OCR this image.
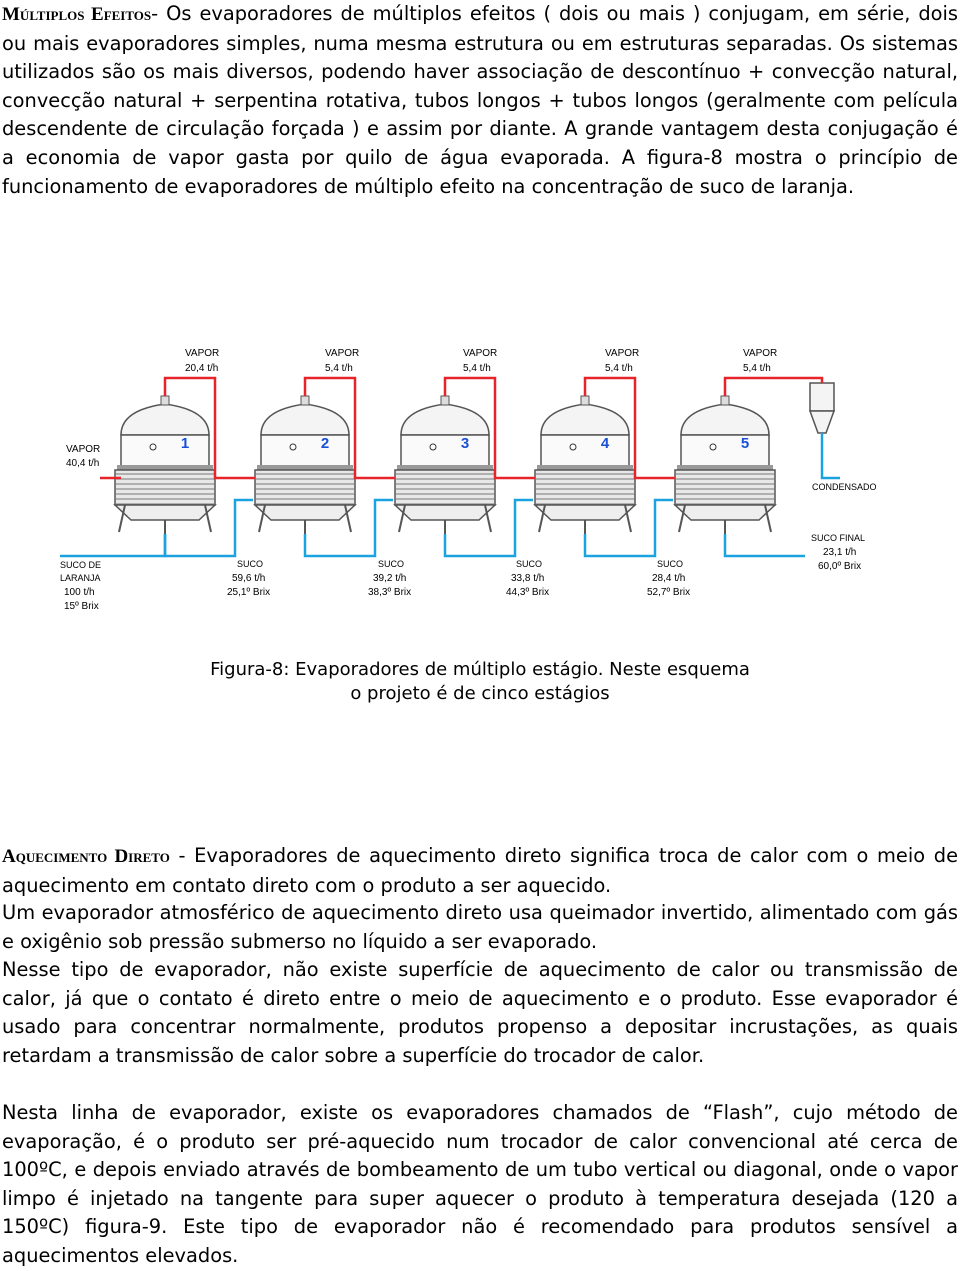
Múltiplos Efeitos- Os evaporadores de múltiplos efeitos ( dois ou mais ) conjugam, em série, dois ou mais evaporadores simples, numa mesma estrutura ou em estruturas separadas. Os sistemas utilizados são os mais diversos, podendo haver associação de descontínuo + convecção natural, convecção natural + serpentina rotativa, tubos longos + tubos longos (geralmente com película descendente de circulação forçada ) e assim por diante. A grande vantagem desta conjugação é a economia de vapor gasta por quilo de água evaporada. A figura-8 mostra o princípio de funcionamento de evaporadores de múltiplo efeito na concentração de suco de laranja.

1	2	3	4	5
VAPOR
20,4 t/h
VAPOR
5,4 t/h
VAPOR
5,4 t/h
VAPOR
5,4 t/h
VAPOR
5,4 t/h
VAPOR
40,4 t/h
CONDENSADO
SUCO DE
LARANJA
100 t/h
15º Brix
SUCO
59,6 t/h
25,1º Brix
SUCO
39,2 t/h
38,3º Brix
SUCO
33,8 t/h
44,3º Brix
SUCO
28,4 t/h
52,7º Brix
SUCO FINAL
23,1 t/h
60,0º Brix
Figura-8: Evaporadores de múltiplo estágio. Neste esquema
o projeto é de cinco estágios

Aquecimento Direto - Evaporadores de aquecimento direto significa troca de calor com o meio de aquecimento em contato direto com o produto a ser aquecido.

Um evaporador atmosférico de aquecimento direto usa queimador invertido, alimentado com gás e oxigênio sob pressão submerso no líquido a ser evaporado.

Nesse tipo de evaporador, não existe superfície de aquecimento de calor ou transmissão de calor, já que o contato é direto entre o meio de aquecimento e o produto. Esse evaporador é usado para concentrar normalmente, produtos propenso a depositar incrustações, as quais retardam a transmissão de calor sobre a superfície do trocador de calor.

Nesta linha de evaporador, existe os evaporadores chamados de “Flash”, cujo método de evaporação, é o produto ser pré-aquecido num trocador de calor convencional até cerca de 100ºC, e depois enviado através de bombeamento de um tubo vertical ou diagonal, onde o vapor limpo é injetado na tangente para super aquecer o produto à temperatura desejada (120 a 150ºC) figura-9. Este tipo de evaporador não é recomendado para produtos sensível a aquecimentos elevados.
